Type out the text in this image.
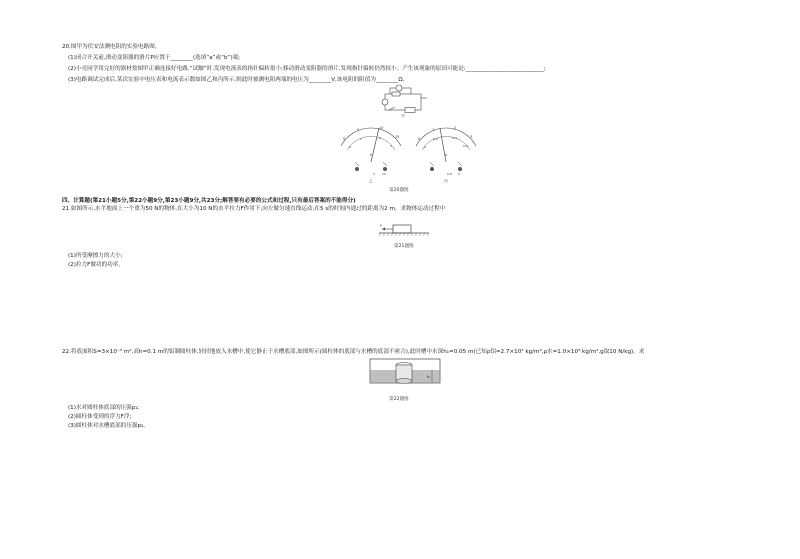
20.图甲为伏安法测电阻的实验电路图。
(1)闭合开关前,滑动变阻器的滑片P应置于________(选填“a”或“b”)端;
(2)小亮同学用完好的器材按图甲正确连接好电路,“试触”时,发现电流表的指针偏转很小;移动滑动变阻器的滑片,发现指针偏转仍然较小。产生该现象的原因可能是:____________________________;
(3)电路调试完成后,某次实验中电压表和电流表示数如图乙和丙所示,则此时被测电阻两端的电压为________V,该电阻的阻值为________Ω。
甲
0
5	10
15
0
1	2
3
V
3 15
乙
0
1	2
3
0
0.2	0.4
0.6
A
0.6 3
丙
第20题图
四、计算题(第21小题5分,第22小题9分,第23小题9分,共23分;解答要有必要的公式和过程,只有最后答案的不能得分)
21.如图所示,水平地面上一个重为50 N的物体,在大小为10 N的水平拉力F作用下,向左做匀速直线运动,在5 s的时间内通过的距离为2 m。求物体运动过程中
F
第21题图
(1)所受摩擦力的大小;
(2)拉力F做功的功率。
22.将底面积S=3×10⁻³ m²,高h=0.1 m的铝制圆柱体,轻轻地放入水槽中,使它静止于水槽底部,如图所示(圆柱体的底部与水槽的底部不密合),此时槽中水深h₁=0.05 m(已知ρ铝=2.7×10³ kg/m³,ρ水=1.0×10³ kg/m³,g取10 N/kg)。求
h₁
第22题图
(1)水对圆柱体底部的压强p₁;
(2)圆柱体受到的浮力F浮;
(3)圆柱体对水槽底部的压强p₂。
